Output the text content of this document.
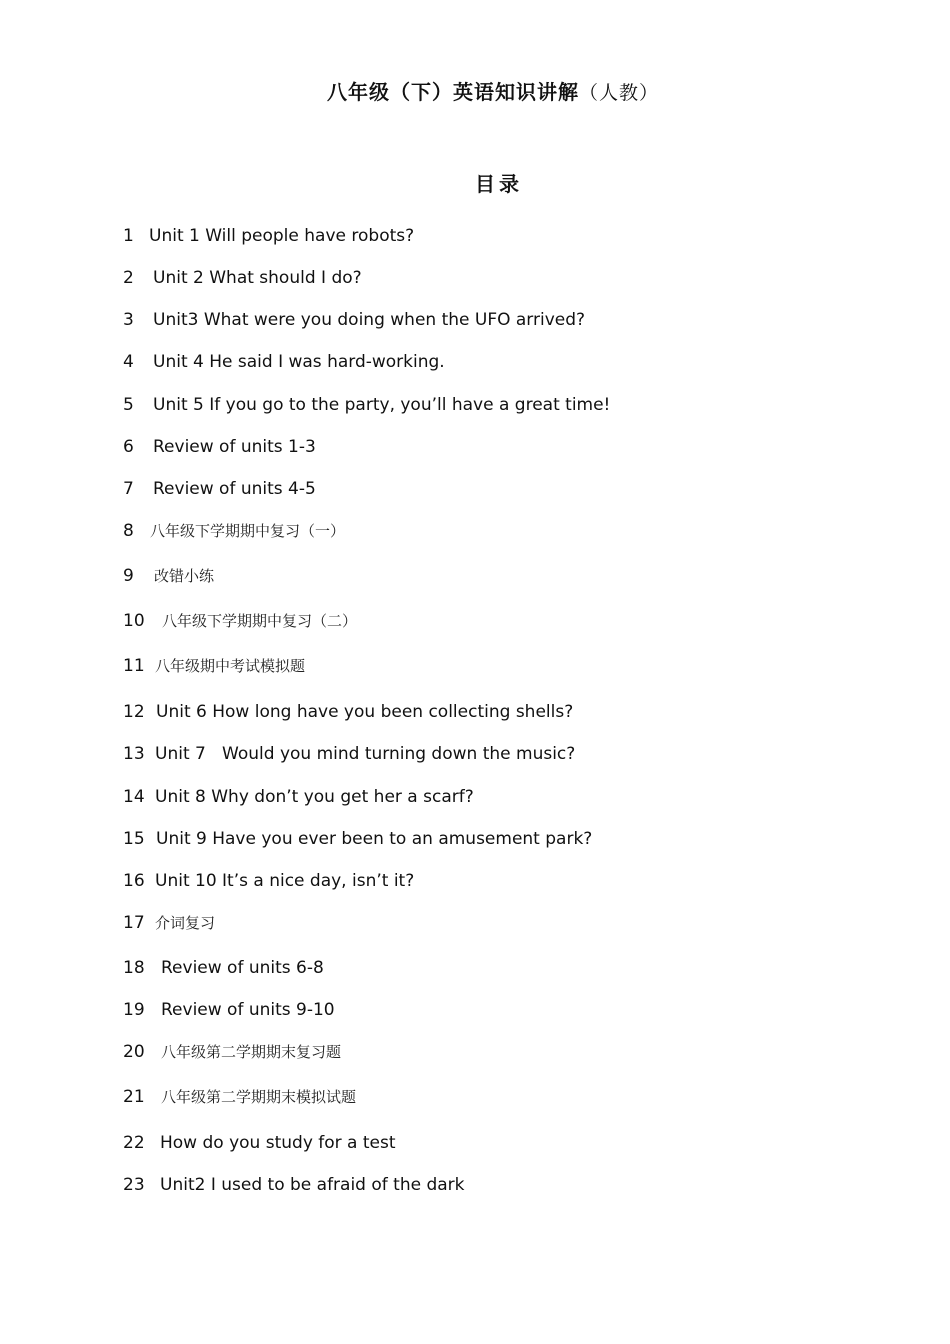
八年级（下）英语知识讲解（人教）
目录
1 Unit 1 Will people have robots?
2 Unit 2 What should I do?
3 Unit3 What were you doing when the UFO arrived?
4 Unit 4 He said I was hard-working.
5 Unit 5 If you go to the party, you’ll have a great time!
6 Review of units 1-3
7 Review of units 4-5
8 八年级下学期期中复习（一）
9 改错小练
10 八年级下学期期中复习（二）
11 八年级期中考试模拟题
12 Unit 6 How long have you been collecting shells?
13 Unit 7   Would you mind turning down the music?
14 Unit 8 Why don’t you get her a scarf?
15 Unit 9 Have you ever been to an amusement park?
16 Unit 10 It’s a nice day, isn’t it?
17 介词复习
18 Review of units 6-8
19 Review of units 9-10
20 八年级第二学期期末复习题
21 八年级第二学期期末模拟试题
22 How do you study for a test
23 Unit2 I used to be afraid of the dark
